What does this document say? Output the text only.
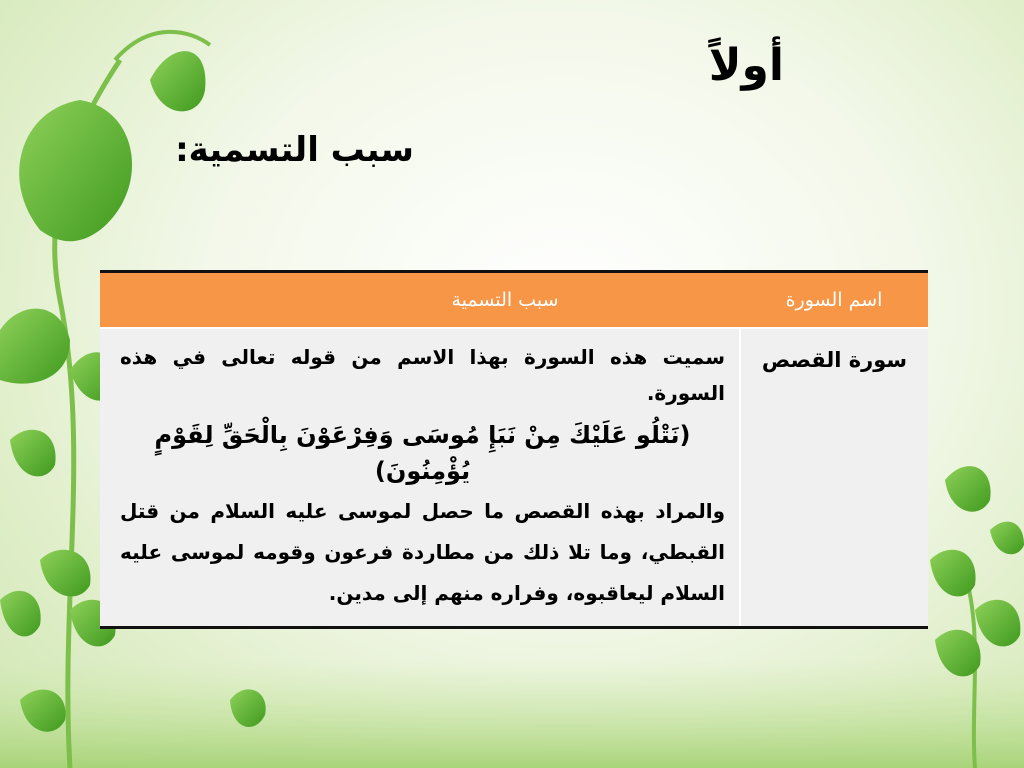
أولاً
سبب التسمية:
اسم السورة	سبب التسمية
سورة القصص	سميت هذه السورة بهذا الاسم من قوله تعالى في هذه السورة.
(نَتْلُو عَلَيْكَ مِنْ نَبَإِ مُوسَى وَفِرْعَوْنَ بِالْحَقِّ لِقَوْمٍ يُؤْمِنُونَ)
والمراد بهذه القصص ما حصل لموسى عليه السلام من قتل القبطي، وما تلا ذلك من مطاردة فرعون وقومه لموسى عليه السلام ليعاقبوه، وفراره منهم إلى مدين.
